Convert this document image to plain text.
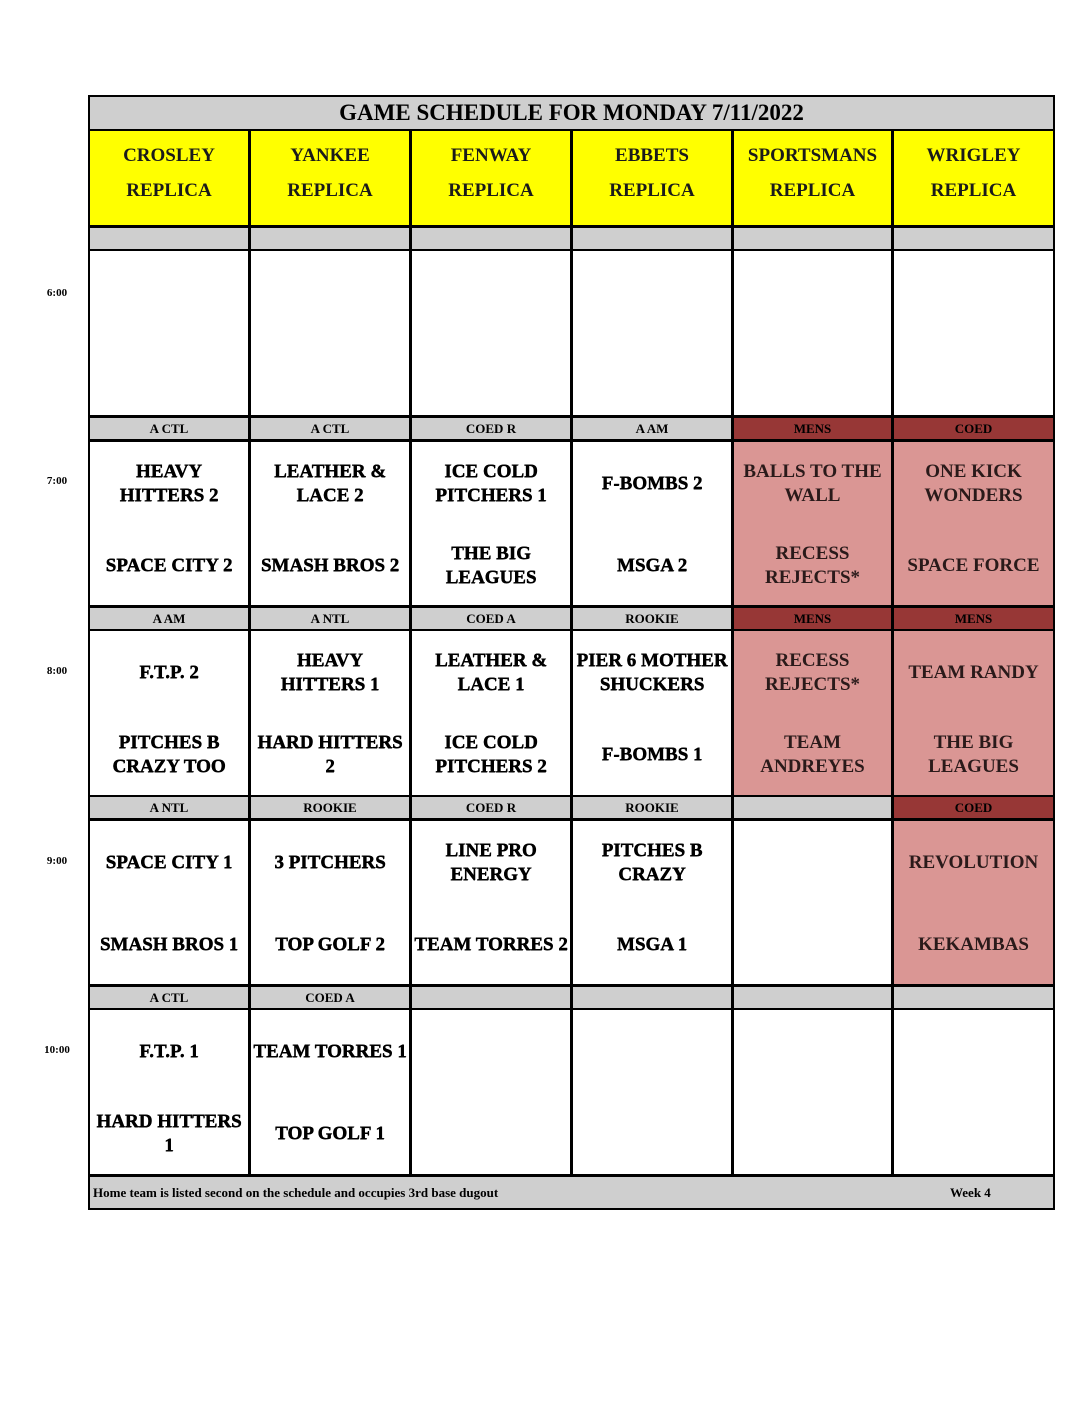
GAME SCHEDULE FOR MONDAY 7/11/2022
CROSLEY
REPLICA
YANKEE
REPLICA
FENWAY
REPLICA
EBBETS
REPLICA
SPORTSMANS
REPLICA
WRIGLEY
REPLICA
6:00
7:00
A CTL
HEAVY HITTERS 2
SPACE CITY 2
A CTL
LEATHER & LACE 2
SMASH BROS 2
COED R
ICE COLD PITCHERS 1
THE BIG LEAGUES
A AM
F-BOMBS 2
MSGA 2
MENS
BALLS TO THE WALL
RECESS REJECTS*
COED
ONE KICK WONDERS
SPACE FORCE
8:00
A AM
F.T.P. 2
PITCHES B CRAZY TOO
A NTL
HEAVY HITTERS 1
HARD HITTERS 2
COED A
LEATHER & LACE 1
ICE COLD PITCHERS 2
ROOKIE
PIER 6 MOTHER SHUCKERS
F-BOMBS 1
MENS
RECESS REJECTS*
TEAM ANDREYES
MENS
TEAM RANDY
THE BIG LEAGUES
9:00
A NTL
SPACE CITY 1
SMASH BROS 1
ROOKIE
3 PITCHERS
TOP GOLF 2
COED R
LINE PRO ENERGY
TEAM TORRES 2
ROOKIE
PITCHES B CRAZY
MSGA 1
COED
REVOLUTION
KEKAMBAS
10:00
A CTL
F.T.P. 1
HARD HITTERS 1
COED A
TEAM TORRES 1
TOP GOLF 1
Home team is listed second on the schedule and occupies 3rd base dugout	Week 4
